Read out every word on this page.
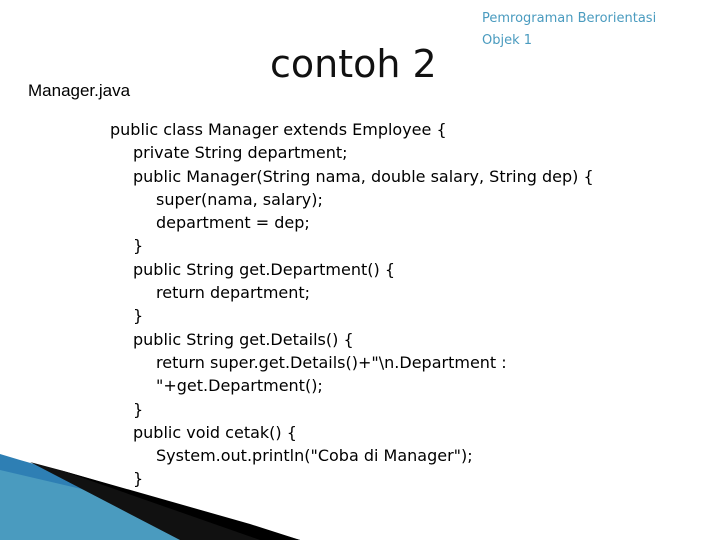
Pemrograman Berorientasi
Objek 1
contoh 2
Manager.java
public class Manager extends Employee {
private String department;
public Manager(String nama, double salary, String dep) {
super(nama, salary);
department = dep;
}
public String get.Department() {
return department;
}
public String get.Details() {
return super.get.Details()+"\n.Department :
"+get.Department();
}
public void cetak() {
System.out.println("Coba di Manager");
}
